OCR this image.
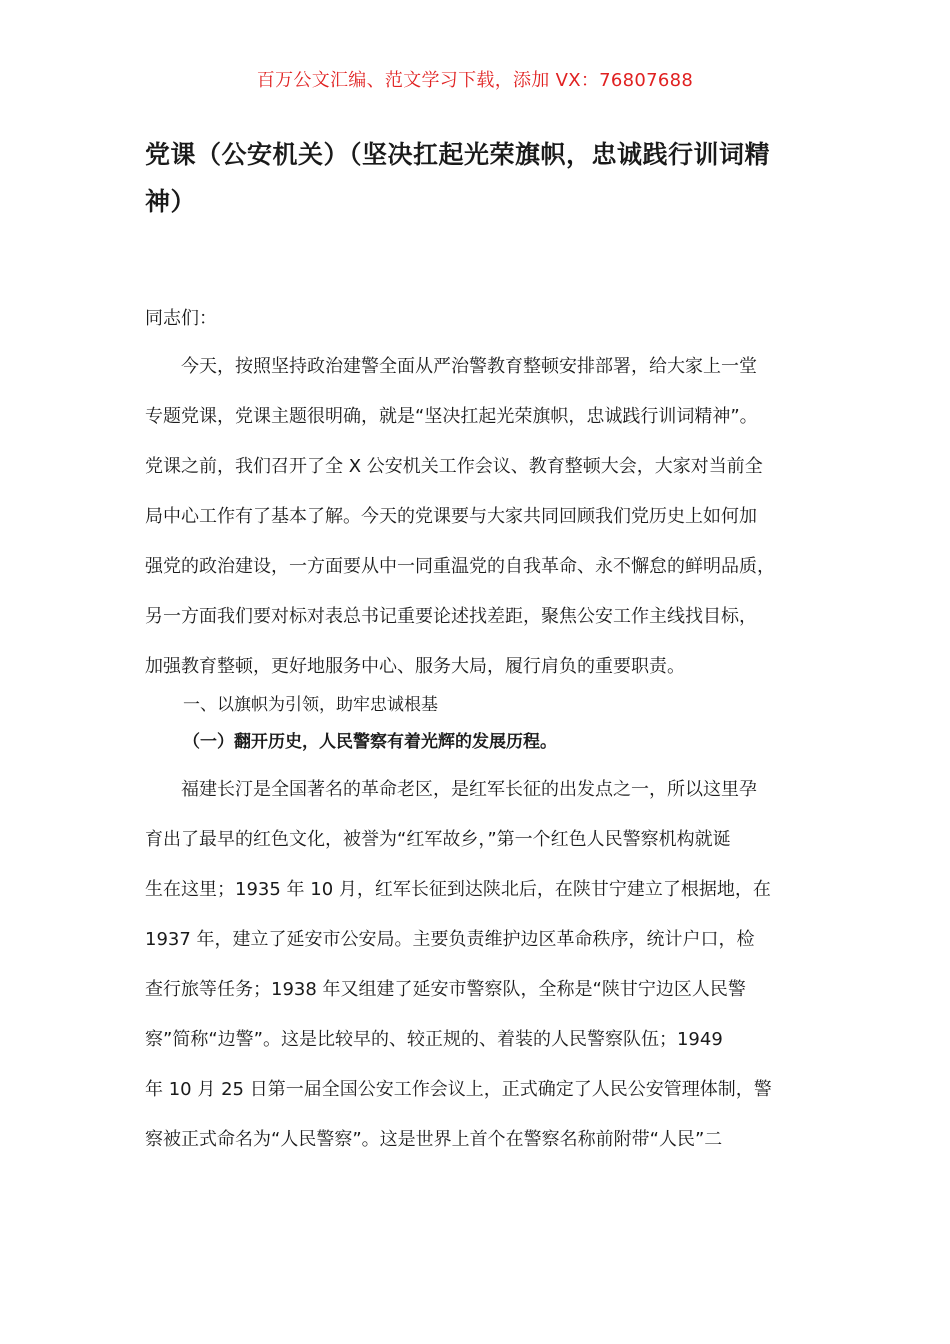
百万公文汇编、范文学习下载，添加 VX：76807688
党课（公安机关）（坚决扛起光荣旗帜，忠诚践行训词精
神）
同志们：
　　今天，按照坚持政治建警全面从严治警教育整顿安排部署，给大家上一堂
专题党课，党课主题很明确，就是“坚决扛起光荣旗帜，忠诚践行训词精神”。
党课之前，我们召开了全 X 公安机关工作会议、教育整顿大会，大家对当前全
局中心工作有了基本了解。今天的党课要与大家共同回顾我们党历史上如何加
强党的政治建设，一方面要从中一同重温党的自我革命、永不懈怠的鲜明品质，
另一方面我们要对标对表总书记重要论述找差距，聚焦公安工作主线找目标，
加强教育整顿，更好地服务中心、服务大局，履行肩负的重要职责。
一、以旗帜为引领，助牢忠诚根基
（一）翻开历史，人民警察有着光辉的发展历程。
　　福建长汀是全国著名的革命老区，是红军长征的出发点之一，所以这里孕
育出了最早的红色文化，被誉为“红军故乡，”第一个红色人民警察机构就诞
生在这里；1935 年 10 月，红军长征到达陕北后，在陕甘宁建立了根据地，在
1937 年，建立了延安市公安局。主要负责维护边区革命秩序，统计户口，检
查行旅等任务；1938 年又组建了延安市警察队，全称是“陕甘宁边区人民警
察”简称“边警”。这是比较早的、较正规的、着装的人民警察队伍；1949
年 10 月 25 日第一届全国公安工作会议上，正式确定了人民公安管理体制，警
察被正式命名为“人民警察”。这是世界上首个在警察名称前附带“人民”二
